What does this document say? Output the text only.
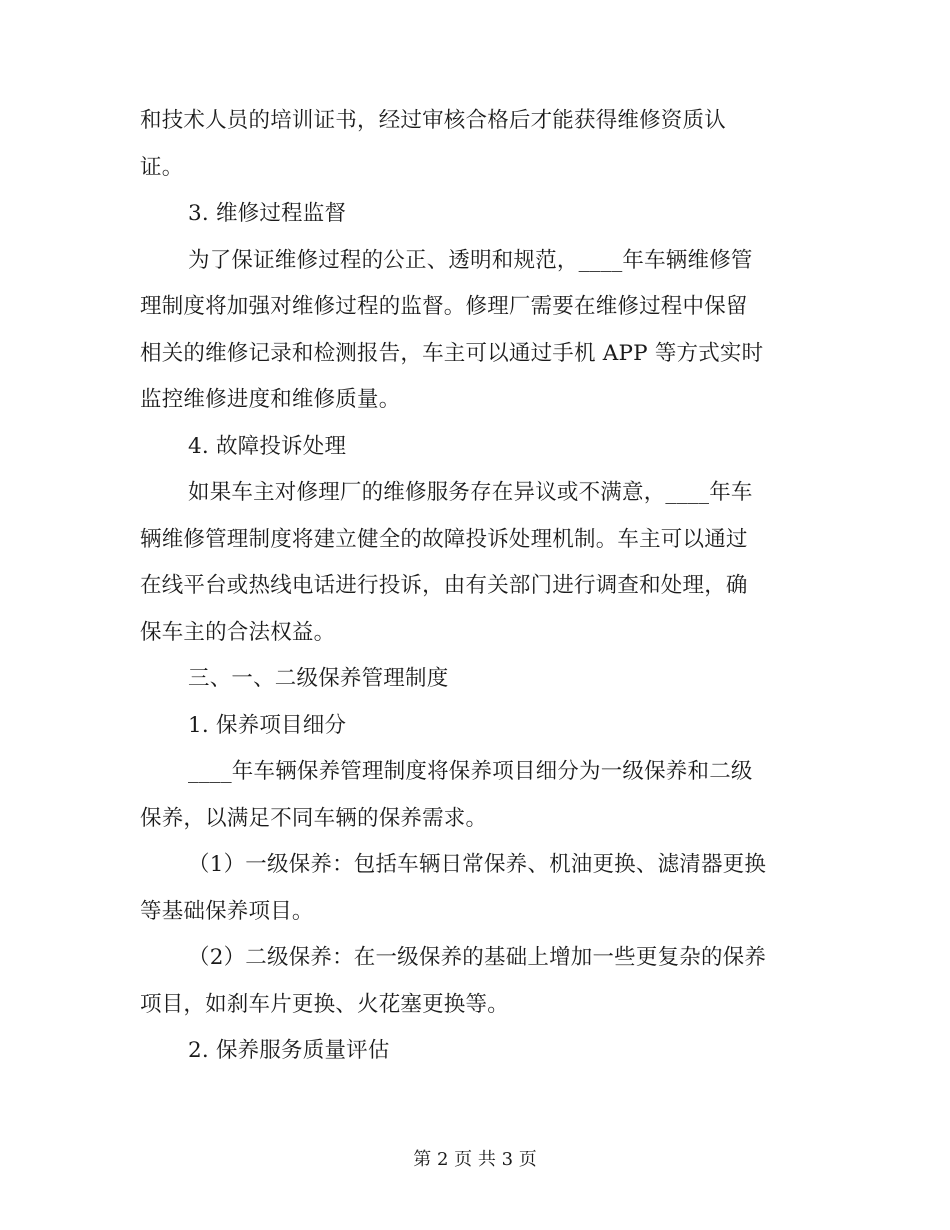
和技术人员的培训证书，经过审核合格后才能获得维修资质认
证。
3. 维修过程监督
为了保证维修过程的公正、透明和规范，____年车辆维修管
理制度将加强对维修过程的监督。修理厂需要在维修过程中保留
相关的维修记录和检测报告，车主可以通过手机 APP 等方式实时
监控维修进度和维修质量。
4. 故障投诉处理
如果车主对修理厂的维修服务存在异议或不满意，____年车
辆维修管理制度将建立健全的故障投诉处理机制。车主可以通过
在线平台或热线电话进行投诉，由有关部门进行调查和处理，确
保车主的合法权益。
三、一、二级保养管理制度
1. 保养项目细分
____年车辆保养管理制度将保养项目细分为一级保养和二级
保养，以满足不同车辆的保养需求。
（1）一级保养：包括车辆日常保养、机油更换、滤清器更换
等基础保养项目。
（2）二级保养：在一级保养的基础上增加一些更复杂的保养
项目，如刹车片更换、火花塞更换等。
2. 保养服务质量评估
第 2 页 共 3 页
